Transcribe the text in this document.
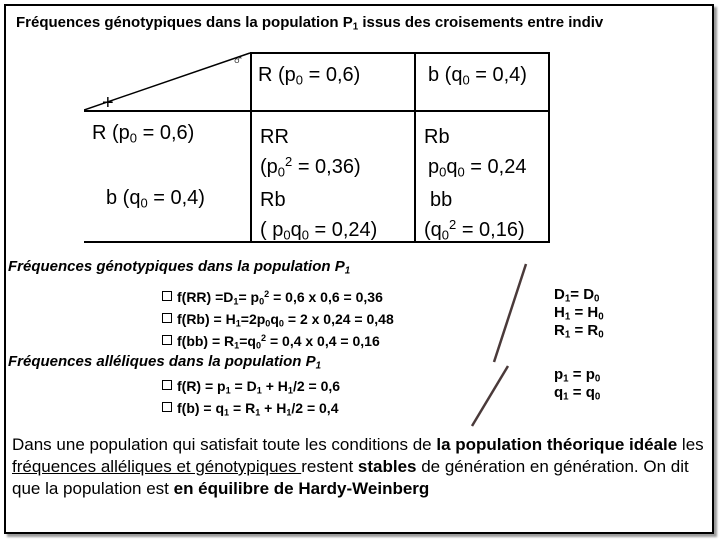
Fréquences génotypiques dans la population $P_1$ issus des croisements entre indiv
♂
+
R $(p_0 = 0,6)$	b $(q_0 = 0,4)$
R $(p_0 = 0,6)$
b $(q_0 = 0,4)$
RR
$(p_0^2 = 0,36)$
Rb
$p_0q_0 = 0,24$
Rb
( $p_0q_0 = 0,24$)
bb
$(q_0^2 = 0,16)$
Fréquences génotypiques dans la population $P_1$
$f(RR) =D_1= p_0^2 = 0,6$ x 0,6 = 0,36
$f(Rb) = H_1=2p_0q_0 = 2$ x 0,24 = 0,48
$f(bb) = R_1=q_0^2 = 0,4$ x 0,4 = 0,16
Fréquences alléliques dans la population $P_1$
$f(R) = p_1 = D_1 + H_1/2 = 0,6$
$f(b) = q_1 = R_1 + H_1/2 = 0,4$
$D_1= D_0$
$H_1 = H_0$
$R_1 = R_0$
$p_1 = p_0$
$q_1 = q_0$
Dans une population qui satisfait toute les conditions de la population théorique idéale les fréquences alléliques et génotypiques restent stables de génération en génération. On dit que la population est en équilibre de Hardy-Weinberg
